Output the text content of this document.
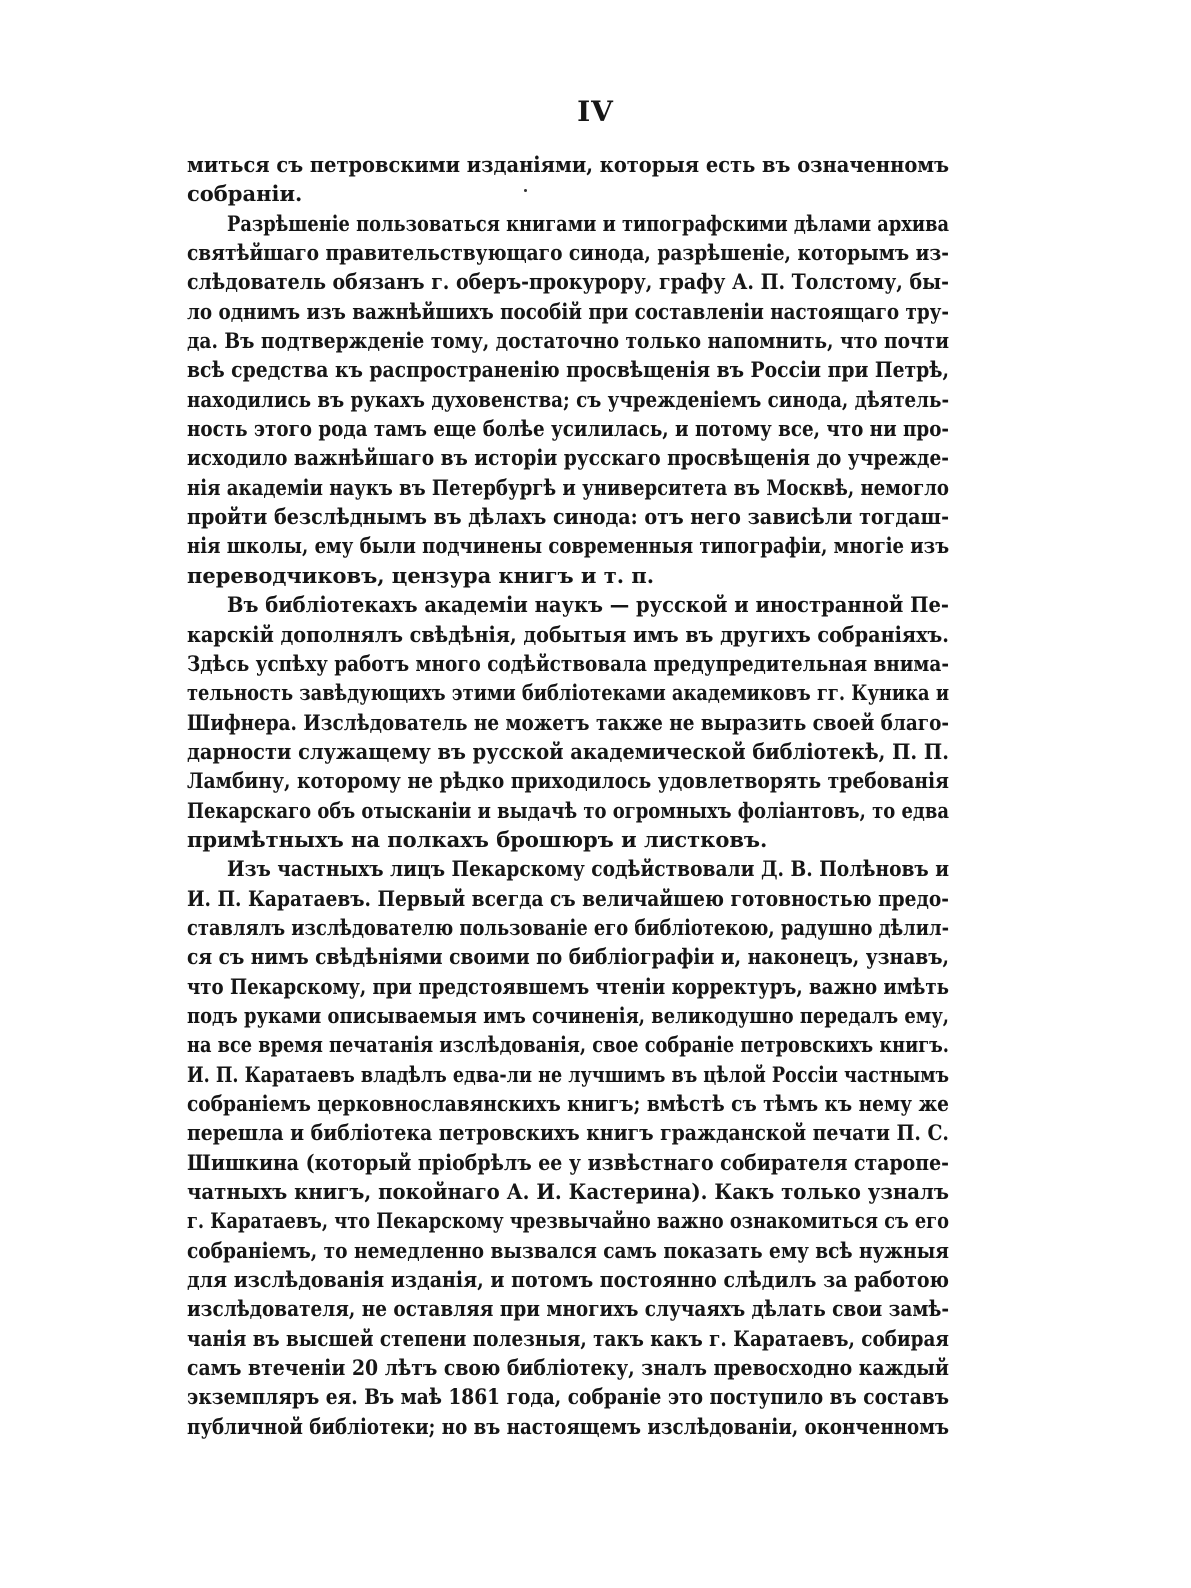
IV
миться съ петровскими изданіями, которыя есть въ означенномъ
собраніи.
Разрѣшеніе пользоваться книгами и типографскими дѣлами архива
святѣйшаго правительствующаго синода, разрѣшеніе, которымъ из-
слѣдователь обязанъ г. оберъ-прокурору, графу А. П. Толстому, бы-
ло однимъ изъ важнѣйшихъ пособій при составленіи настоящаго тру-
да. Въ подтвержденіе тому, достаточно только напомнить, что почти
всѣ средства къ распространенію просвѣщенія въ Россіи при Петрѣ,
находились въ рукахъ духовенства; съ учрежденіемъ синода, дѣятель-
ность этого рода тамъ еще болѣе усилилась, и потому все, что ни про-
исходило важнѣйшаго въ исторіи русскаго просвѣщенія до учрежде-
нія академіи наукъ въ Петербургѣ и университета въ Москвѣ, немогло
пройти безслѣднымъ въ дѣлахъ синода: отъ него зависѣли тогдаш-
нія школы, ему были подчинены современныя типографіи, многіе изъ
переводчиковъ, цензура книгъ и т. п.
Въ библіотекахъ академіи наукъ — русской и иностранной Пе-
карскій дополнялъ свѣдѣнія, добытыя имъ въ другихъ собраніяхъ.
Здѣсь успѣху работъ много содѣйствовала предупредительная внима-
тельность завѣдующихъ этими библіотеками академиковъ гг. Куника и
Шифнера. Изслѣдователь не можетъ также не выразить своей благо-
дарности служащему въ русской академической библіотекѣ, П. П.
Ламбину, которому не рѣдко приходилось удовлетворять требованія
Пекарскаго объ отысканіи и выдачѣ то огромныхъ фоліантовъ, то едва
примѣтныхъ на полкахъ брошюръ и листковъ.
Изъ частныхъ лицъ Пекарскому содѣйствовали Д. В. Полѣновъ и
И. П. Каратаевъ. Первый всегда съ величайшею готовностью предо-
ставлялъ изслѣдователю пользованіе его библіотекою, радушно дѣлил-
ся съ нимъ свѣдѣніями своими по библіографіи и, наконецъ, узнавъ,
что Пекарскому, при предстоявшемъ чтеніи корректуръ, важно имѣть
подъ руками описываемыя имъ сочиненія, великодушно передалъ ему,
на все время печатанія изслѣдованія, свое собраніе петровскихъ книгъ.
И. П. Каратаевъ владѣлъ едва-ли не лучшимъ въ цѣлой Россіи частнымъ
собраніемъ церковнославянскихъ книгъ; вмѣстѣ съ тѣмъ къ нему же
перешла и библіотека петровскихъ книгъ гражданской печати П. С.
Шишкина (который пріобрѣлъ ее у извѣстнаго собирателя старопе-
чатныхъ книгъ, покойнаго А. И. Кастерина). Какъ только узналъ
г. Каратаевъ, что Пекарскому чрезвычайно важно ознакомиться съ его
собраніемъ, то немедленно вызвался самъ показать ему всѣ нужныя
для изслѣдованія изданія, и потомъ постоянно слѣдилъ за работою
изслѣдователя, не оставляя при многихъ случаяхъ дѣлать свои замѣ-
чанія въ высшей степени полезныя, такъ какъ г. Каратаевъ, собирая
самъ втеченіи 20 лѣтъ свою библіотеку, зналъ превосходно каждый
экземпляръ ея. Въ маѣ 1861 года, собраніе это поступило въ составъ
публичной библіотеки; но въ настоящемъ изслѣдованіи, оконченномъ
